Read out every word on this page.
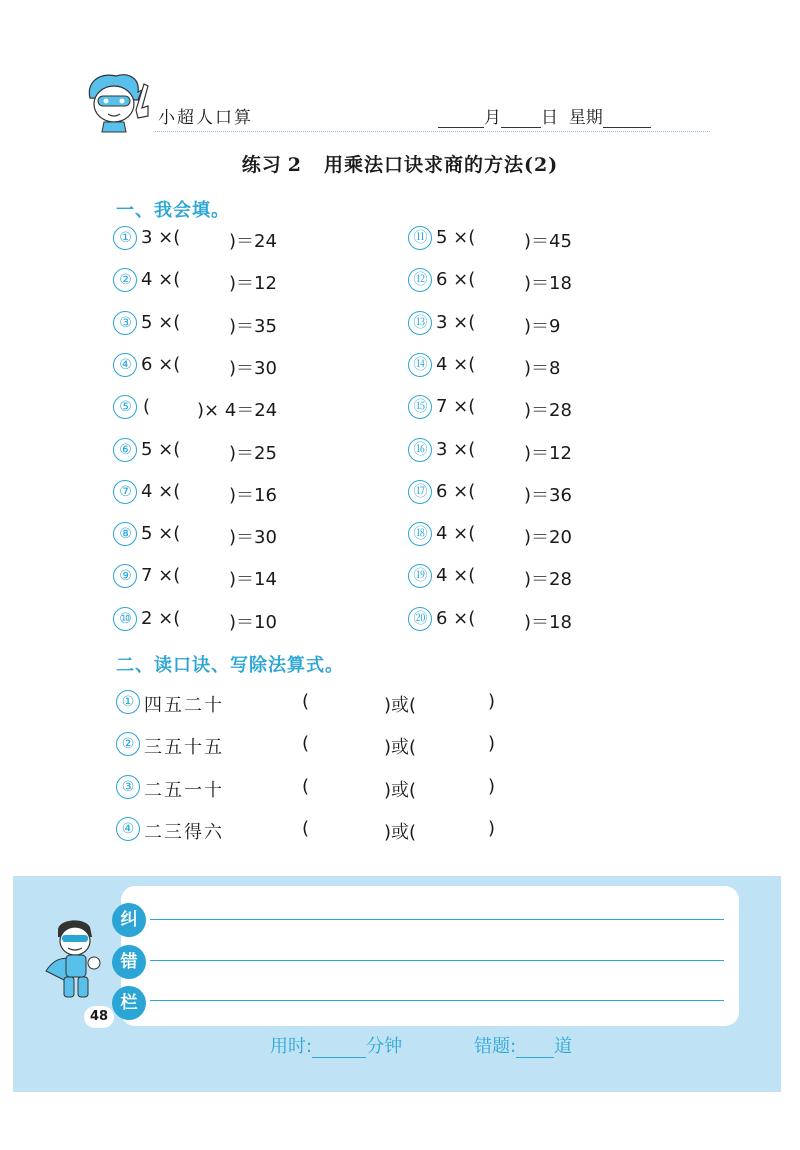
小超人口算	月 日 星期
练习 2 用乘法口诀求商的方法(2)
一、我会填。
① 3 ×(	)＝24
② 4 ×(	)＝12
③ 5 ×(	)＝35
④ 6 ×(	)＝30
⑤ (	)× 4＝24
⑥ 5 ×(	)＝25
⑦ 4 ×(	)＝16
⑧ 5 ×(	)＝30
⑨ 7 ×(	)＝14
⑩ 2 ×(	)＝10
⑪ 5 ×(	)＝45
⑫ 6 ×(	)＝18
⑬ 3 ×(	)＝9
⑭ 4 ×(	)＝8
⑮ 7 ×(	)＝28
⑯ 3 ×(	)＝12
⑰ 6 ×(	)＝36
⑱ 4 ×(	)＝20
⑲ 4 ×(	)＝28
⑳ 6 ×(	)＝18
二、读口诀、写除法算式。
① 四五二十	(	)或(	)
② 三五十五	(	)或(	)
③ 二五一十	(	)或(	)
④ 二三得六	(	)或(	)
纠
错
栏
48
用时:	分钟	错题: 道
